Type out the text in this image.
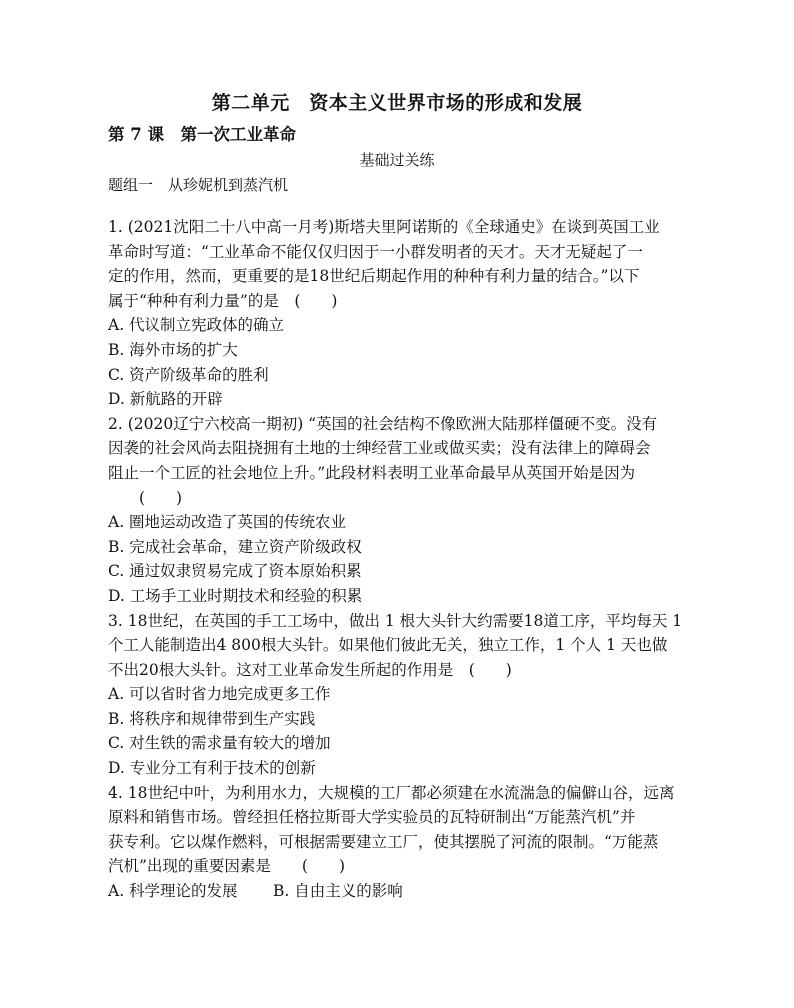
第二单元　资本主义世界市场的形成和发展
第 7 课　第一次工业革命
基础过关练
题组一　从珍妮机到蒸汽机

1. (2021沈阳二十八中高一月考)斯塔夫里阿诺斯的《全球通史》在谈到英国工业

革命时写道：“工业革命不能仅仅归因于一小群发明者的天才。天才无疑起了一

定的作用，然而，更重要的是18世纪后期起作用的种种有利力量的结合。”以下

属于“种种有利力量”的是　(　　)

A. 代议制立宪政体的确立

B. 海外市场的扩大

C. 资产阶级革命的胜利

D. 新航路的开辟

2. (2020辽宁六校高一期初) “英国的社会结构不像欧洲大陆那样僵硬不变。没有

因袭的社会风尚去阻挠拥有土地的士绅经营工业或做买卖；没有法律上的障碍会

阻止一个工匠的社会地位上升。”此段材料表明工业革命最早从英国开始是因为

　　(　　)

A. 圈地运动改造了英国的传统农业

B. 完成社会革命，建立资产阶级政权

C. 通过奴隶贸易完成了资本原始积累

D. 工场手工业时期技术和经验的积累

3. 18世纪，在英国的手工工场中，做出 1 根大头针大约需要18道工序，平均每天 1

个工人能制造出4 800根大头针。如果他们彼此无关，独立工作，1 个人 1 天也做

不出20根大头针。这对工业革命发生所起的作用是　(　　)

A. 可以省时省力地完成更多工作

B. 将秩序和规律带到生产实践

C. 对生铁的需求量有较大的增加

D. 专业分工有利于技术的创新

4. 18世纪中叶，为利用水力，大规模的工厂都必须建在水流湍急的偏僻山谷，远离

原料和销售市场。曾经担任格拉斯哥大学实验员的瓦特研制出“万能蒸汽机”并

获专利。它以煤作燃料，可根据需要建立工厂，使其摆脱了河流的限制。“万能蒸

汽机”出现的重要因素是　　(　　)

A. 科学理论的发展	B. 自由主义的影响
